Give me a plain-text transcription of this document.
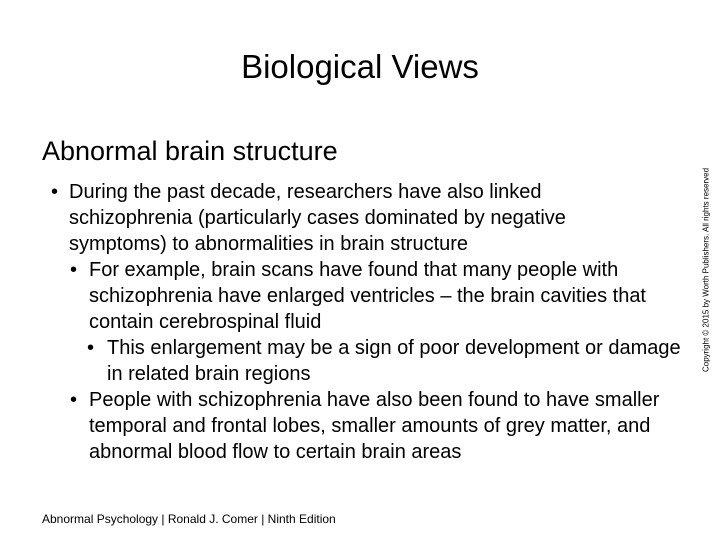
Biological Views
Abnormal brain structure
• During the past decade, researchers have also linked schizophrenia (particularly cases dominated by negative symptoms) to abnormalities in brain structure
• For example, brain scans have found that many people with schizophrenia have enlarged ventricles – the brain cavities that contain cerebrospinal fluid
• This enlargement may be a sign of poor development or damage in related brain regions
• People with schizophrenia have also been found to have smaller temporal and frontal lobes, smaller amounts of grey matter, and abnormal blood flow to certain brain areas
Abnormal Psychology | Ronald J. Comer | Ninth Edition
Copyright © 2015 by Worth Publishers. All rights reserved
